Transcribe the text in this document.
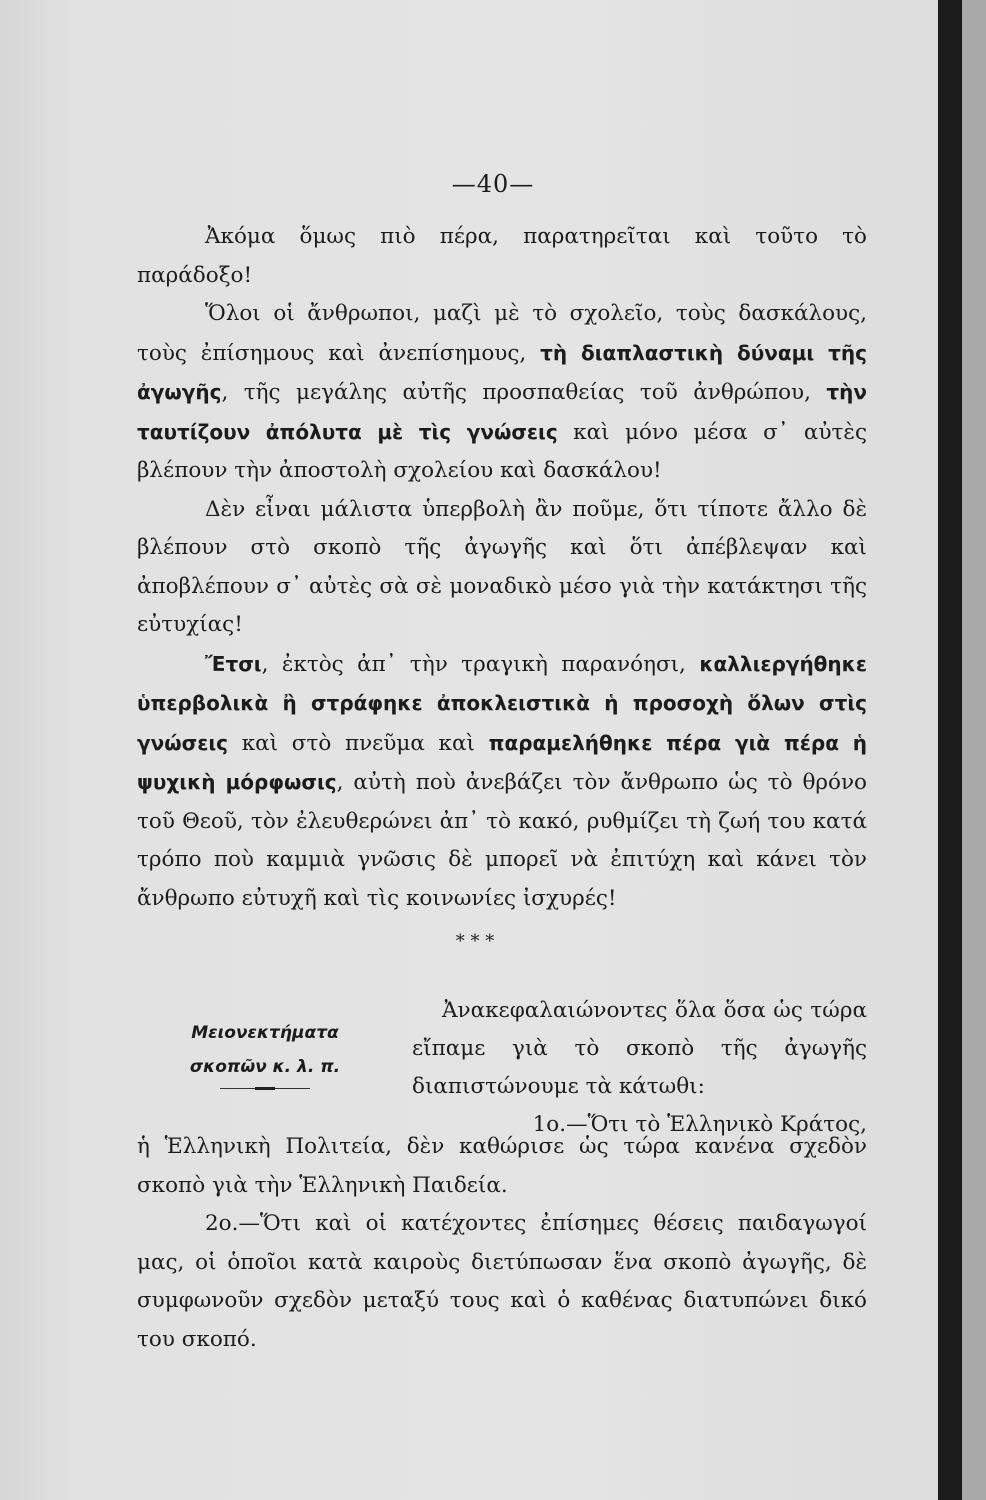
—40—

Ἀκόμα ὅμως πιὸ πέρα, παρατηρεῖται καὶ τοῦτο τὸ παράδοξο!

Ὅλοι οἱ ἄνθρωποι, μαζὶ μὲ τὸ σχολεῖο, τοὺς δασκάλους, τοὺς ἐπίσημους καὶ ἀνεπίσημους, τὴ διαπλαστικὴ δύναμι τῆς ἀγωγῆς, τῆς μεγάλης αὐτῆς προσπαθείας τοῦ ἀνθρώπου, τὴν ταυτίζουν ἀπόλυτα μὲ τὶς γνώσεις καὶ μόνο μέσα σ᾽ αὐτὲς βλέπουν τὴν ἀποστολὴ σχολείου καὶ δασκάλου!

Δὲν εἶναι μάλιστα ὑπερβολὴ ἂν ποῦμε, ὅτι τίποτε ἄλλο δὲ βλέπουν στὸ σκοπὸ τῆς ἀγωγῆς καὶ ὅτι ἀπέβλεψαν καὶ ἀποβλέπουν σ᾽ αὐτὲς σὰ σὲ μοναδικὸ μέσο γιὰ τὴν κατάκτησι τῆς εὐτυχίας!

Ἔτσι, ἐκτὸς ἀπ᾽ τὴν τραγικὴ παρανόησι, καλλιεργήθηκε ὑπερβολικὰ ἢ στράφηκε ἀποκλειστικὰ ἡ προσοχὴ ὅλων στὶς γνώσεις καὶ στὸ πνεῦμα καὶ παραμελήθηκε πέρα γιὰ πέρα ἡ ψυχικὴ μόρφωσις, αὐτὴ ποὺ ἀνεβάζει τὸν ἄνθρωπο ὡς τὸ θρόνο τοῦ Θεοῦ, τὸν ἐλευθερώνει ἀπ᾽ τὸ κακό, ρυθμίζει τὴ ζωή του κατά τρόπο ποὺ καμμιὰ γνῶσις δὲ μπορεῖ νὰ ἐπιτύχη καὶ κάνει τὸν ἄνθρωπο εὐτυχῆ καὶ τὶς κοινωνίες ἰσχυρές!

* * *
Μειονεκτήματα
σκοπῶν κ. λ. π.

Ἀνακεφαλαιώνοντες ὅλα ὅσα ὡς τώρα εἴπαμε γιὰ τὸ σκοπὸ τῆς ἀγωγῆς διαπιστώνουμε τὰ κάτωθι:

1ο.—Ὅτι τὸ Ἑλληνικὸ Κράτος,

ἡ Ἑλληνικὴ Πολιτεία, δὲν καθώρισε ὡς τώρα κανένα σχεδὸν σκοπὸ γιὰ τὴν Ἑλληνικὴ Παιδεία.

2ο.—Ὅτι καὶ οἱ κατέχοντες ἐπίσημες θέσεις παιδαγωγοί μας, οἱ ὁποῖοι κατὰ καιροὺς διετύπωσαν ἕνα σκοπὸ ἀγωγῆς, δὲ συμφωνοῦν σχεδὸν μεταξύ τους καὶ ὁ καθένας διατυπώνει δικό του σκοπό.
